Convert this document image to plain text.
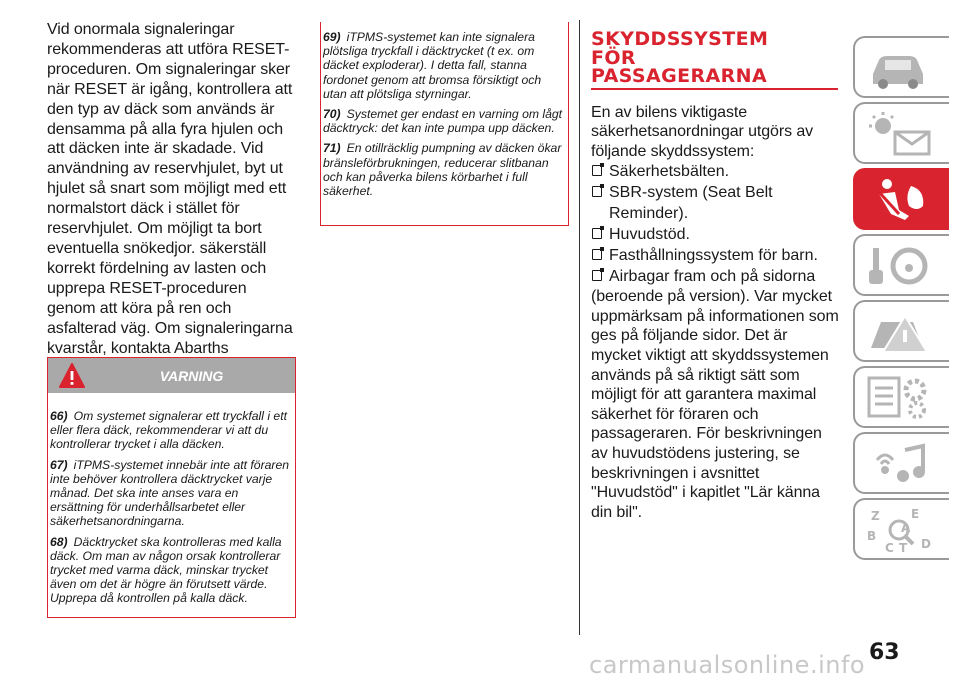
Vid onormala signaleringar rekommenderas att utföra RESET-proceduren. Om signaleringar sker när RESET är igång, kontrollera att den typ av däck som används är densamma på alla fyra hjulen och att däcken inte är skadade. Vid användning av reservhjulet, byt ut hjulet så snart som möjligt med ett normalstort däck i stället för reservhjulet. Om möjligt ta bort eventuella snökedjor. säkerställ korrekt fördelning av lasten och upprepa RESET-proceduren genom att köra på ren och asfalterad väg. Om signaleringarna kvarstår, kontakta Abarths

VARNING

66) Om systemet signalerar ett tryckfall i ett eller flera däck, rekommenderar vi att du kontrollerar trycket i alla däcken.

67) iTPMS-systemet innebär inte att föraren inte behöver kontrollera däcktrycket varje månad. Det ska inte anses vara en ersättning för underhållsarbetet eller säkerhetsanordningarna.

68) Däcktrycket ska kontrolleras med kalla däck. Om man av någon orsak kontrollerar trycket med varma däck, minskar trycket även om det är högre än förutsett värde. Upprepa då kontrollen på kalla däck.

69) iTPMS-systemet kan inte signalera plötsliga tryckfall i däcktrycket (t ex. om däcket exploderar). I detta fall, stanna fordonet genom att bromsa försiktigt och utan att plötsliga styrningar.

70) Systemet ger endast en varning om lågt däcktryck: det kan inte pumpa upp däcken.

71) En otillräcklig pumpning av däcken ökar bränsleförbrukningen, reducerar slitbanan och kan påverka bilens körbarhet i full säkerhet.

SKYDDSSYSTEM
FÖR
PASSAGERARNA

En av bilens viktigaste säkerhetsanordningar utgörs av följande skyddssystem:

Säkerhetsbälten.
SBR-system (Seat Belt Reminder).
Huvudstöd.
Fasthållningssystem för barn.
Airbagar fram och på sidorna

(beroende på version). Var mycket uppmärksam på informationen som ges på följande sidor. Det är mycket viktigt att skyddssystemen används på så riktigt sätt som möjligt för att garantera maximal säkerhet för föraren och passageraren. För beskrivningen av huvudstödens justering, se beskrivningen i avsnittet "Huvudstöd" i kapitlet "Lär känna din bil".	Z	E
A
B
C T D
63
carmanualsonline.info
